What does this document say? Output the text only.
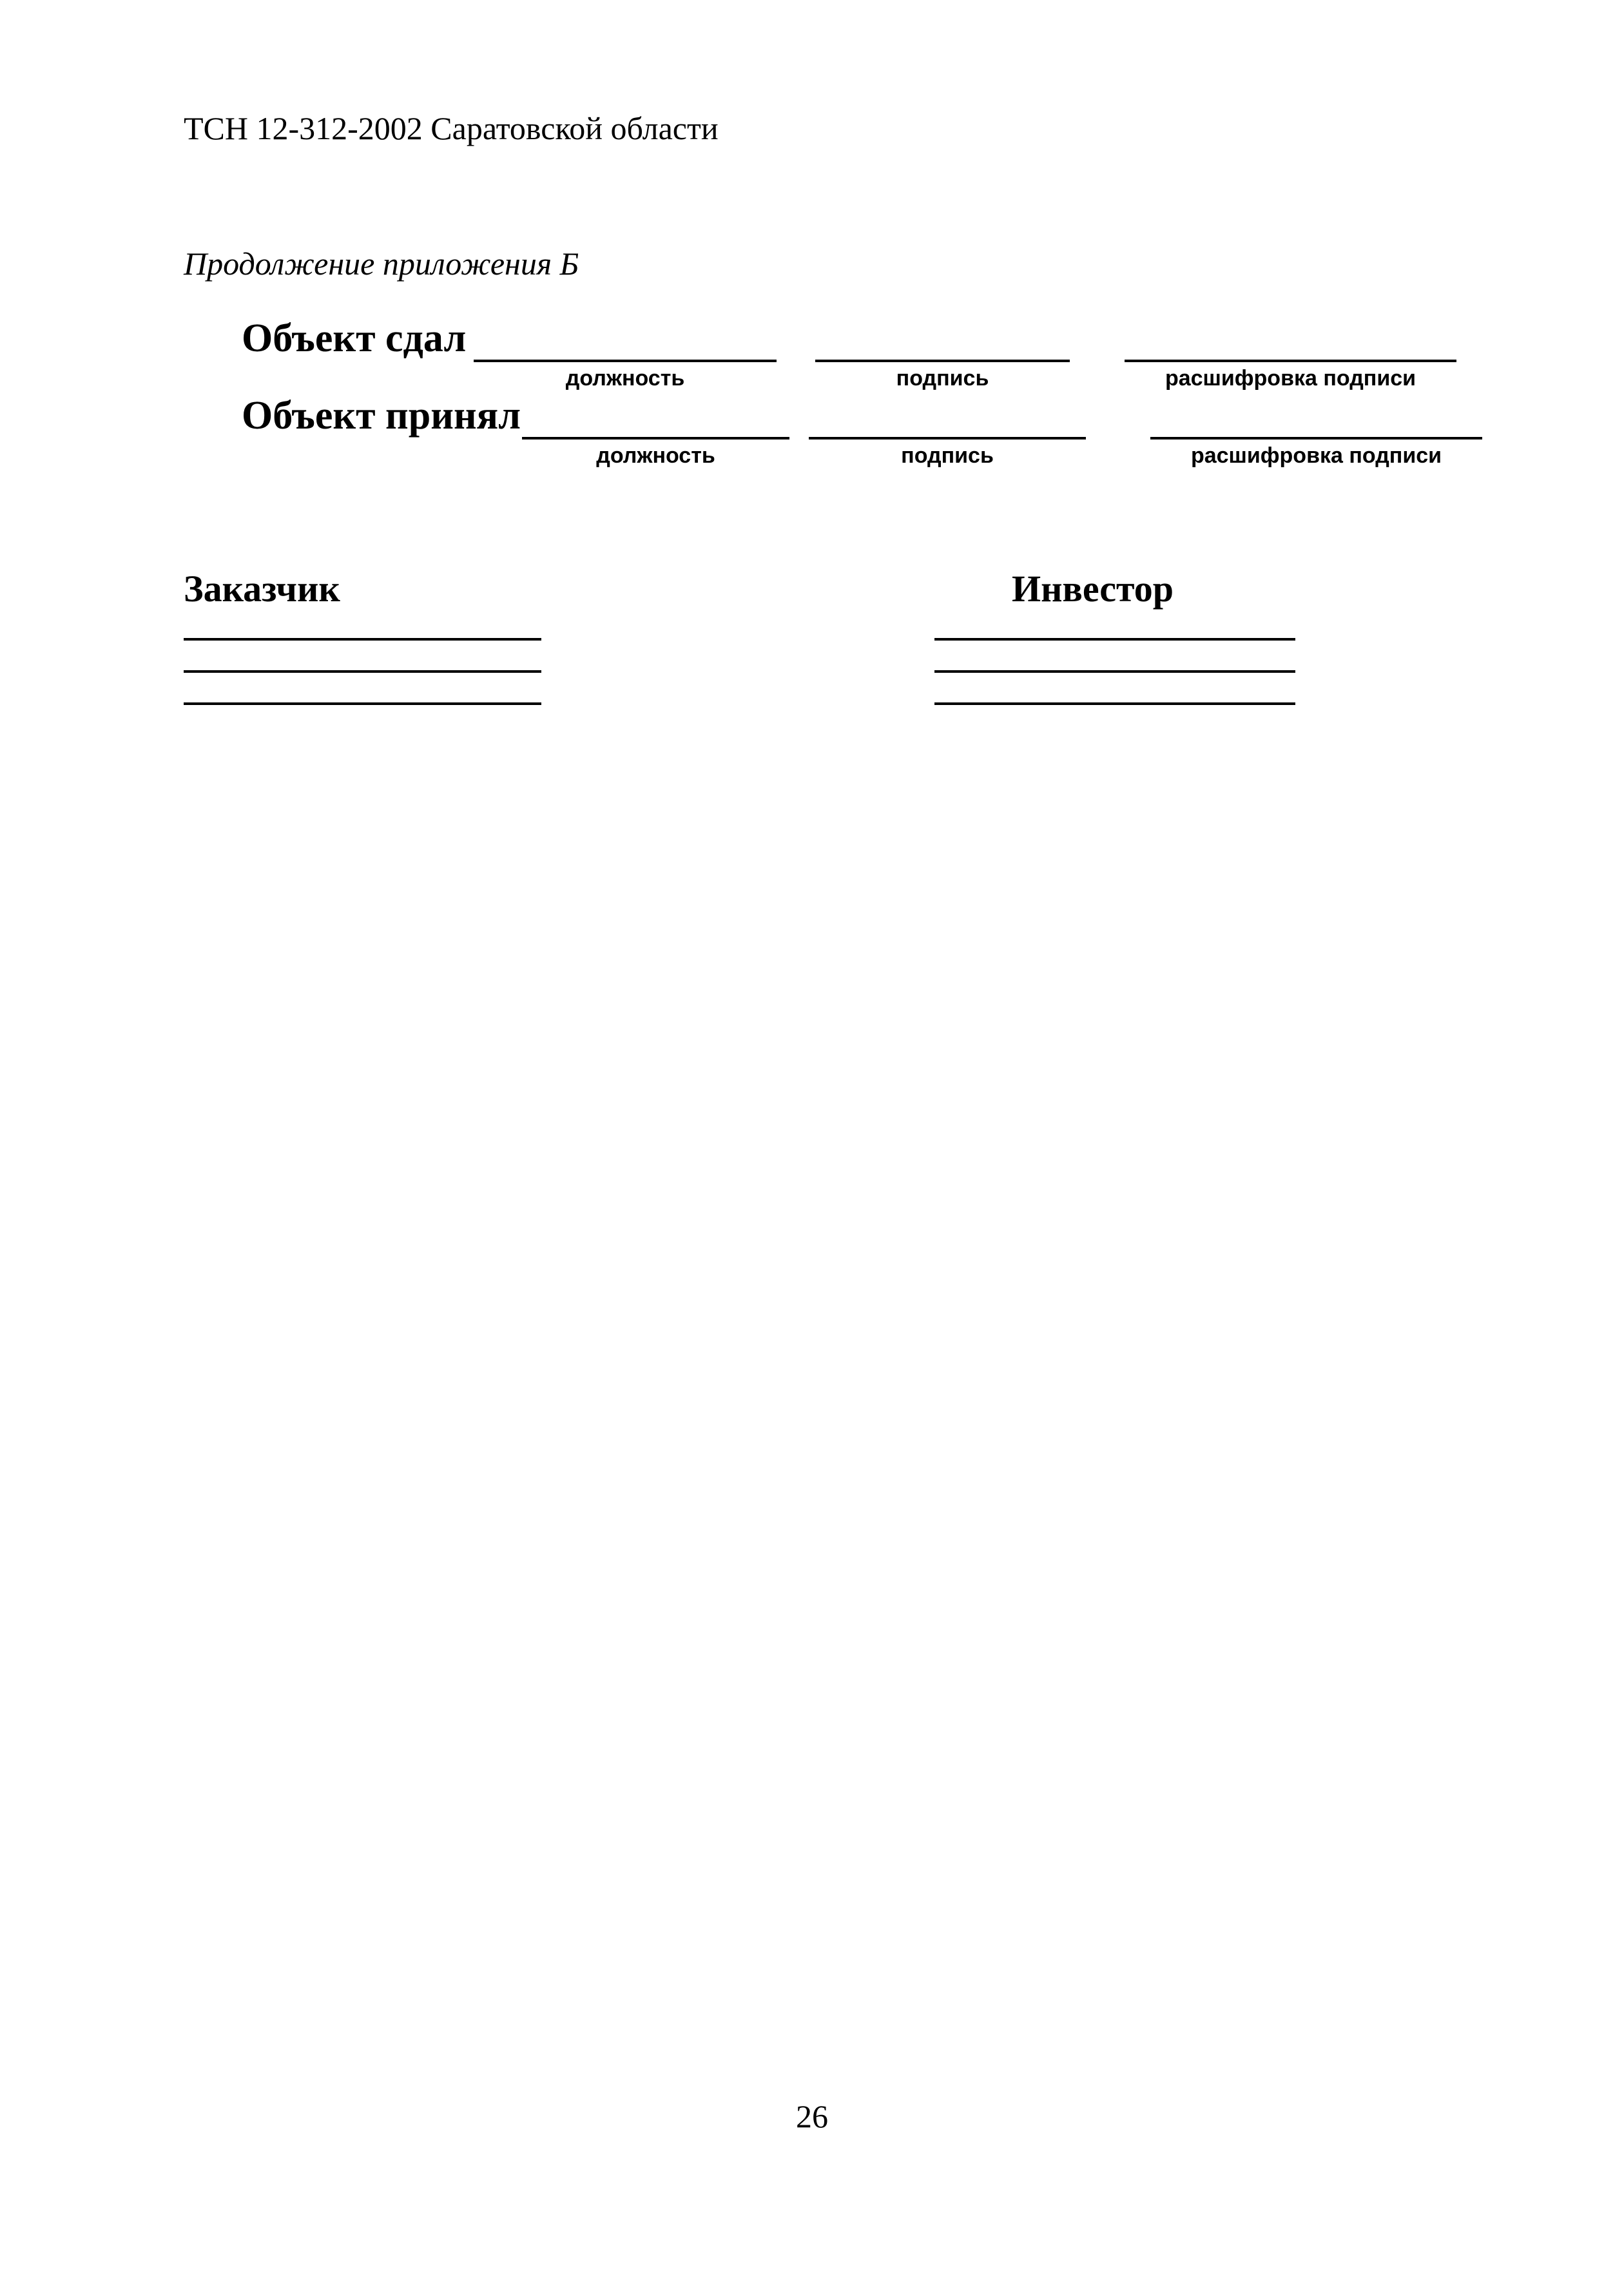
ТСН 12-312-2002 Саратовской области
Продолжение приложения Б
Объект сдал
должность	подпись	расшифровка подписи
Объект принял
должность	подпись	расшифровка подписи
Заказчик	Инвестор
26
